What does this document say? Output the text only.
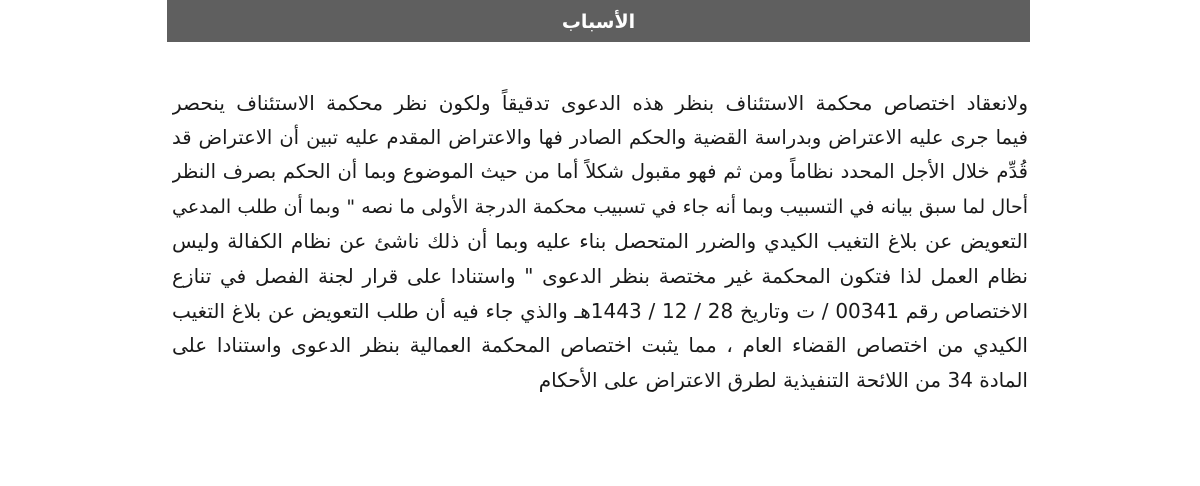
الأسباب
ولانعقاد اختصاص محكمة الاستئناف بنظر هذه الدعوى تدقيقاً ولكون نظر محكمة الاستئناف ينحصر
فيما جرى عليه الاعتراض وبدراسة القضية والحكم الصادر فها والاعتراض المقدم عليه تبين أن الاعتراض قد
قُدِّم خلال الأجل المحدد نظاماً ومن ثم فهو مقبول شكلاً أما من حيث الموضوع وبما أن الحكم بصرف النظر
أحال لما سبق بيانه في التسبيب وبما أنه جاء في تسبيب محكمة الدرجة الأولى ما نصه " وبما أن طلب المدعي
التعويض عن بلاغ التغيب الكيدي والضرر المتحصل بناء عليه وبما أن ذلك ناشئ عن نظام الكفالة وليس
نظام العمل لذا فتكون المحكمة غير مختصة بنظر الدعوى " واستنادا على قرار لجنة الفصل في تنازع
الاختصاص رقم 00341 / ت وتاريخ 28 / 12 / 1443هـ والذي جاء فيه أن طلب التعويض عن بلاغ التغيب
الكيدي من اختصاص القضاء العام ، مما يثبت اختصاص المحكمة العمالية بنظر الدعوى واستنادا على
المادة 34 من اللائحة التنفيذية لطرق الاعتراض على الأحكام
